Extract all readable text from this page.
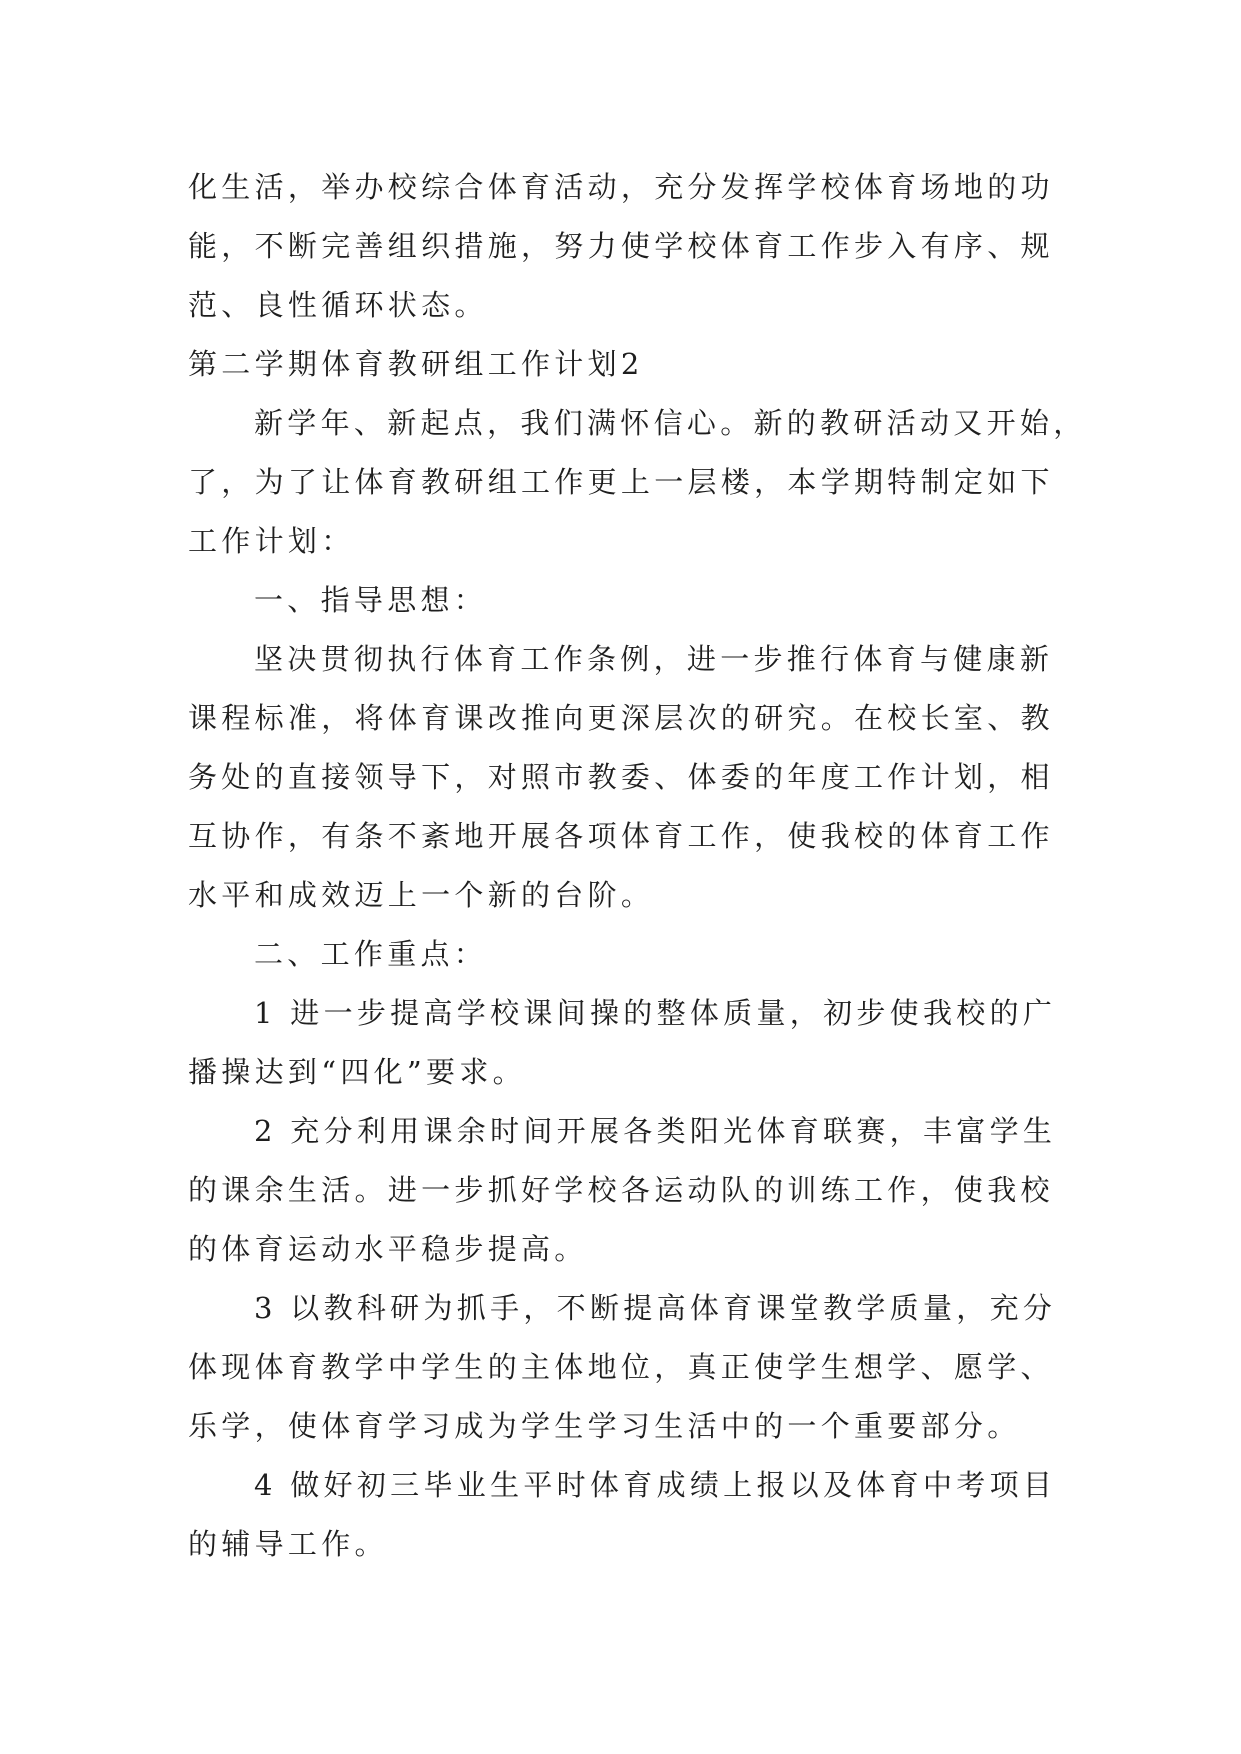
化生活，举办校综合体育活动，充分发挥学校体育场地的功
能，不断完善组织措施，努力使学校体育工作步入有序、规
范、良性循环状态。
第二学期体育教研组工作计划2
新学年、新起点，我们满怀信心。新的教研活动又开始，
了，为了让体育教研组工作更上一层楼，本学期特制定如下
工作计划：
一、指导思想：
坚决贯彻执行体育工作条例，进一步推行体育与健康新
课程标准，将体育课改推向更深层次的研究。在校长室、教
务处的直接领导下，对照市教委、体委的年度工作计划，相
互协作，有条不紊地开展各项体育工作，使我校的体育工作
水平和成效迈上一个新的台阶。
二、工作重点：
1 进一步提高学校课间操的整体质量，初步使我校的广
播操达到“四化”要求。
2 充分利用课余时间开展各类阳光体育联赛，丰富学生
的课余生活。进一步抓好学校各运动队的训练工作，使我校
的体育运动水平稳步提高。
3 以教科研为抓手，不断提高体育课堂教学质量，充分
体现体育教学中学生的主体地位，真正使学生想学、愿学、
乐学，使体育学习成为学生学习生活中的一个重要部分。
4 做好初三毕业生平时体育成绩上报以及体育中考项目
的辅导工作。
